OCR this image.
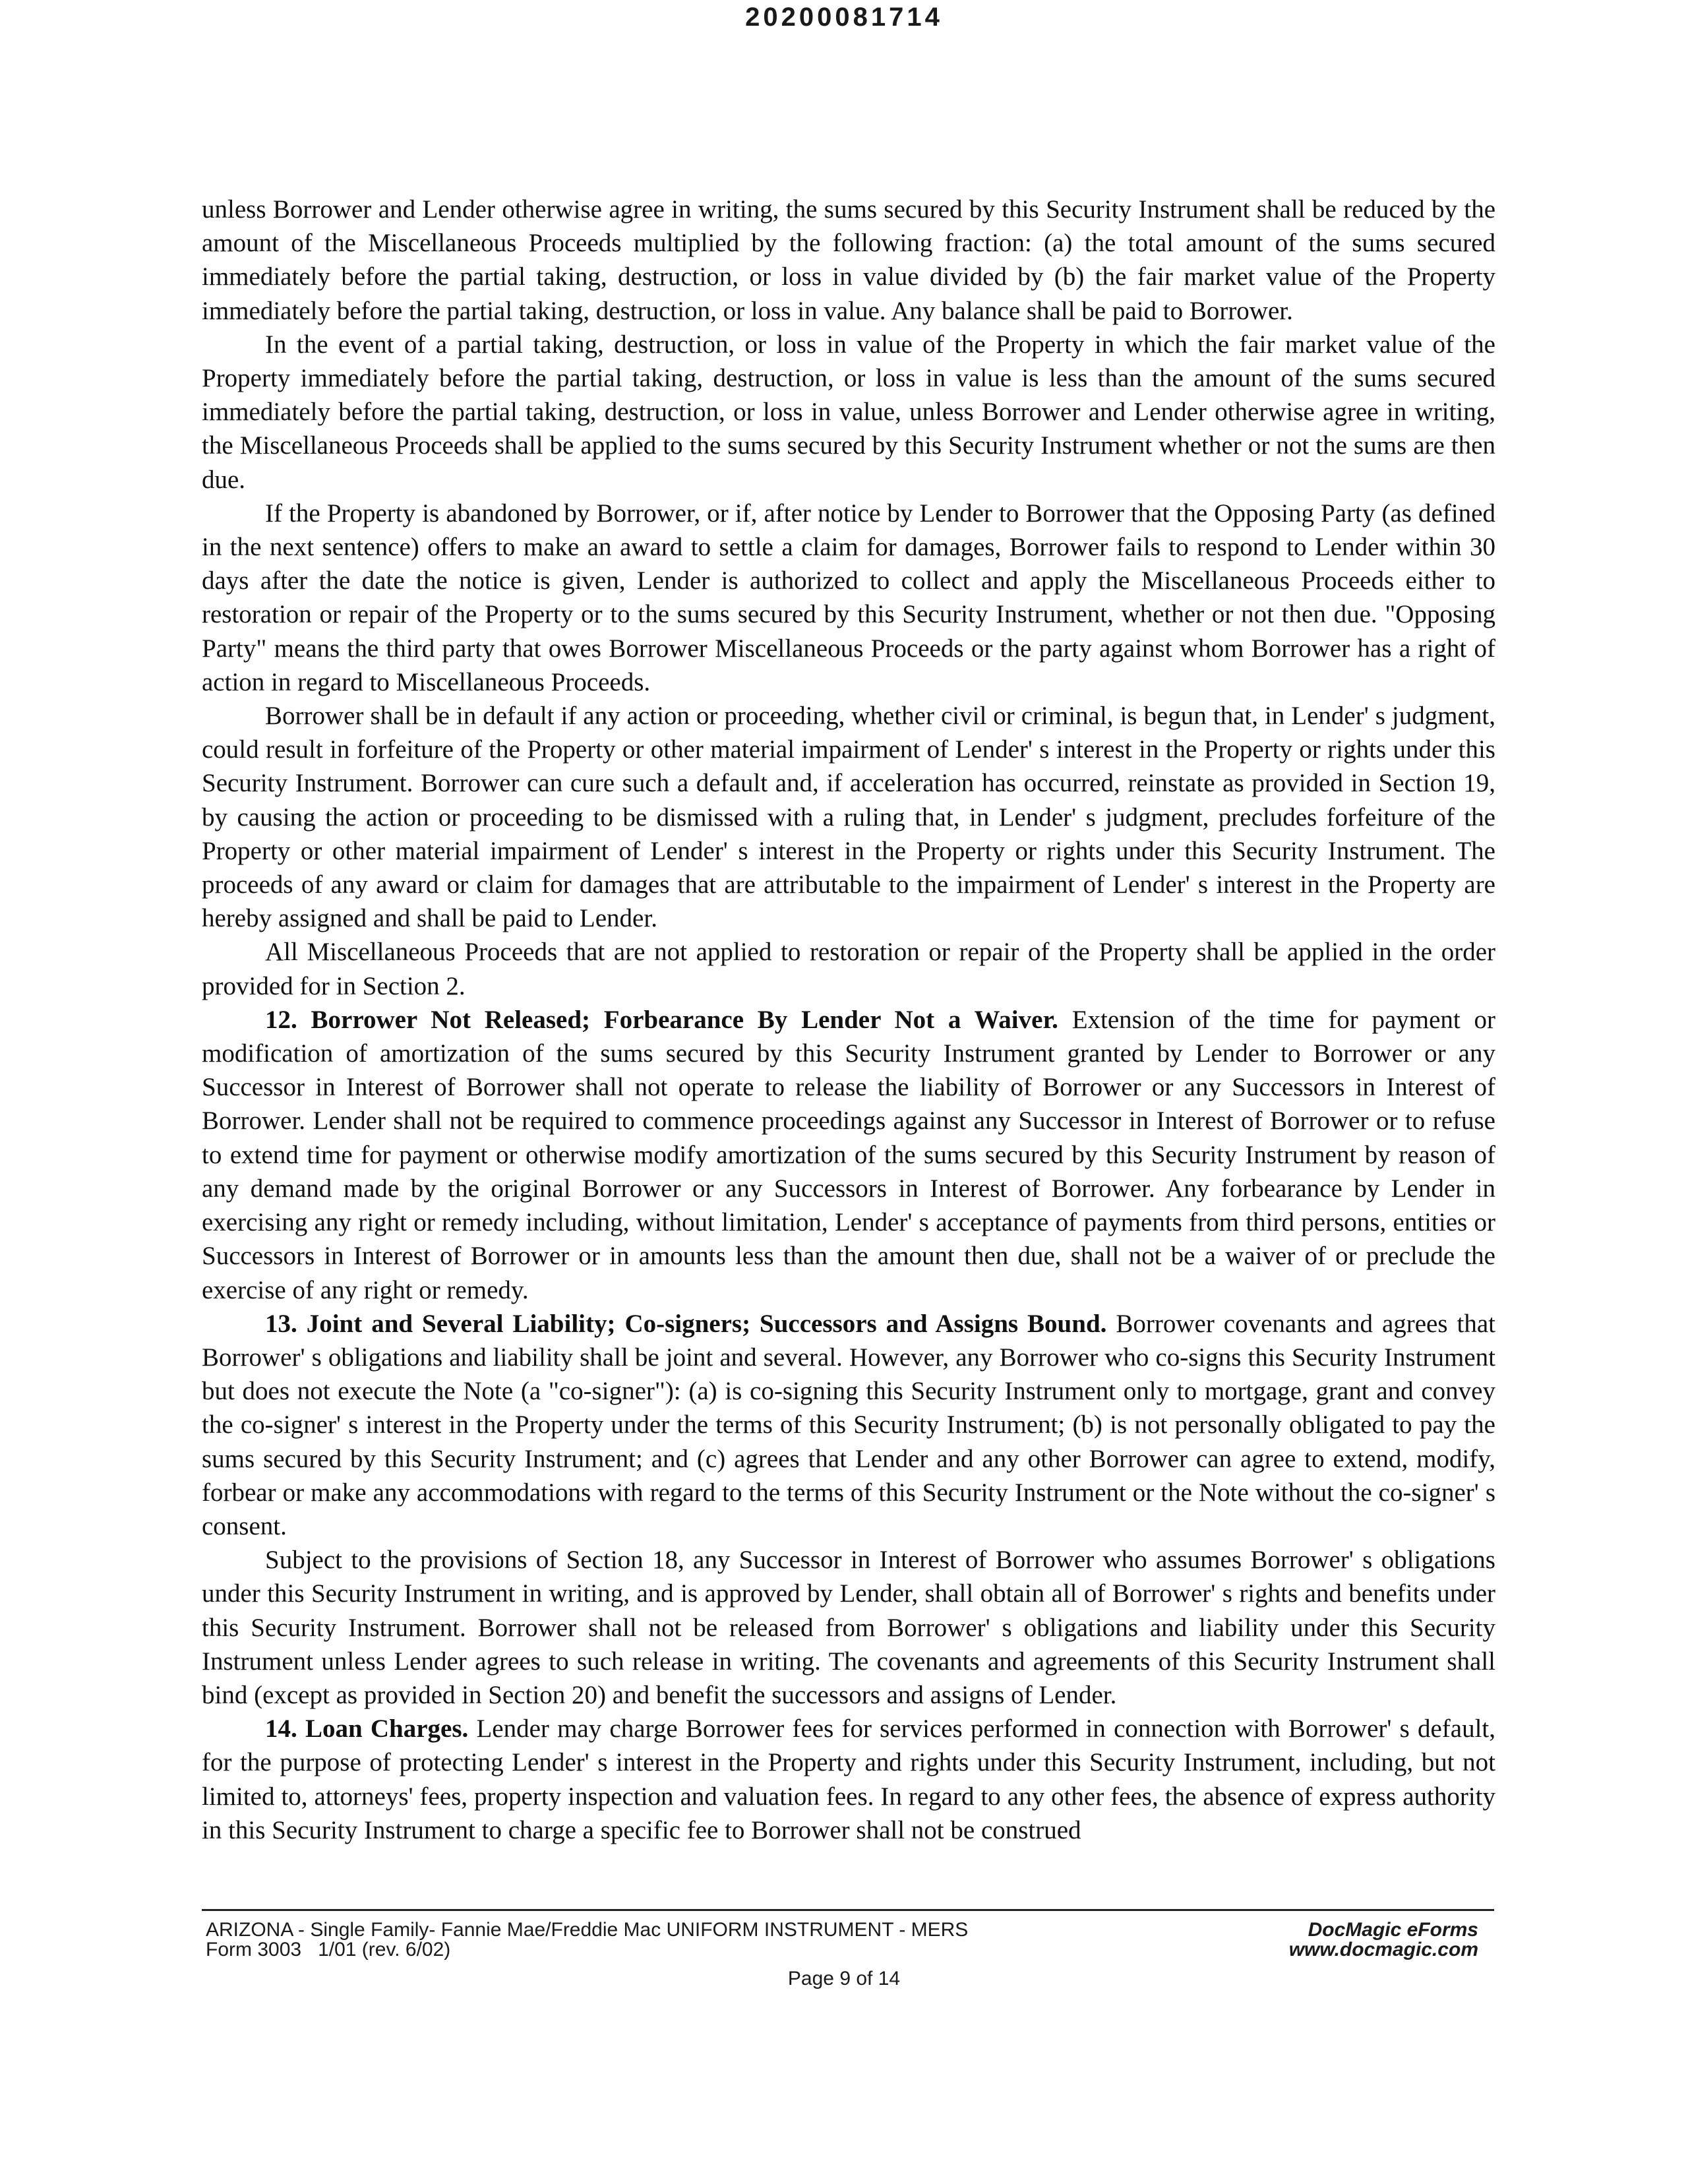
20200081714

unless Borrower and Lender otherwise agree in writing, the sums secured by this Security Instrument shall be reduced by the amount of the Miscellaneous Proceeds multiplied by the following fraction: (a) the total amount of the sums secured immediately before the partial taking, destruction, or loss in value divided by (b) the fair market value of the Property immediately before the partial taking, destruction, or loss in value. Any balance shall be paid to Borrower.

In the event of a partial taking, destruction, or loss in value of the Property in which the fair market value of the Property immediately before the partial taking, destruction, or loss in value is less than the amount of the sums secured immediately before the partial taking, destruction, or loss in value, unless Borrower and Lender otherwise agree in writing, the Miscellaneous Proceeds shall be applied to the sums secured by this Security Instrument whether or not the sums are then due.

If the Property is abandoned by Borrower, or if, after notice by Lender to Borrower that the Opposing Party (as defined in the next sentence) offers to make an award to settle a claim for damages, Borrower fails to respond to Lender within 30 days after the date the notice is given, Lender is authorized to collect and apply the Miscellaneous Proceeds either to restoration or repair of the Property or to the sums secured by this Security Instrument, whether or not then due. "Opposing Party" means the third party that owes Borrower Miscellaneous Proceeds or the party against whom Borrower has a right of action in regard to Miscellaneous Proceeds.

Borrower shall be in default if any action or proceeding, whether civil or criminal, is begun that, in Lender' s judgment, could result in forfeiture of the Property or other material impairment of Lender' s interest in the Property or rights under this Security Instrument. Borrower can cure such a default and, if acceleration has occurred, reinstate as provided in Section 19, by causing the action or proceeding to be dismissed with a ruling that, in Lender' s judgment, precludes forfeiture of the Property or other material impairment of Lender' s interest in the Property or rights under this Security Instrument. The proceeds of any award or claim for damages that are attributable to the impairment of Lender' s interest in the Property are hereby assigned and shall be paid to Lender.

All Miscellaneous Proceeds that are not applied to restoration or repair of the Property shall be applied in the order provided for in Section 2.

12. Borrower Not Released; Forbearance By Lender Not a Waiver. Extension of the time for payment or modification of amortization of the sums secured by this Security Instrument granted by Lender to Borrower or any Successor in Interest of Borrower shall not operate to release the liability of Borrower or any Successors in Interest of Borrower. Lender shall not be required to commence proceedings against any Successor in Interest of Borrower or to refuse to extend time for payment or otherwise modify amortization of the sums secured by this Security Instrument by reason of any demand made by the original Borrower or any Successors in Interest of Borrower. Any forbearance by Lender in exercising any right or remedy including, without limitation, Lender' s acceptance of payments from third persons, entities or Successors in Interest of Borrower or in amounts less than the amount then due, shall not be a waiver of or preclude the exercise of any right or remedy.

13. Joint and Several Liability; Co-signers; Successors and Assigns Bound. Borrower covenants and agrees that Borrower' s obligations and liability shall be joint and several. However, any Borrower who co-signs this Security Instrument but does not execute the Note (a "co-signer"): (a) is co-signing this Security Instrument only to mortgage, grant and convey the co-signer' s interest in the Property under the terms of this Security Instrument; (b) is not personally obligated to pay the sums secured by this Security Instrument; and (c) agrees that Lender and any other Borrower can agree to extend, modify, forbear or make any accommodations with regard to the terms of this Security Instrument or the Note without the co-signer' s consent.

Subject to the provisions of Section 18, any Successor in Interest of Borrower who assumes Borrower' s obligations under this Security Instrument in writing, and is approved by Lender, shall obtain all of Borrower' s rights and benefits under this Security Instrument. Borrower shall not be released from Borrower' s obligations and liability under this Security Instrument unless Lender agrees to such release in writing. The covenants and agreements of this Security Instrument shall bind (except as provided in Section 20) and benefit the successors and assigns of Lender.

14. Loan Charges. Lender may charge Borrower fees for services performed in connection with Borrower' s default, for the purpose of protecting Lender' s interest in the Property and rights under this Security Instrument, including, but not limited to, attorneys' fees, property inspection and valuation fees. In regard to any other fees, the absence of express authority in this Security Instrument to charge a specific fee to Borrower shall not be construed

ARIZONA - Single Family- Fannie Mae/Freddie Mac UNIFORM INSTRUMENT - MERS
Form 3003   1/01 (rev. 6/02)
DocMagic eForms
www.docmagic.com
Page 9 of 14
